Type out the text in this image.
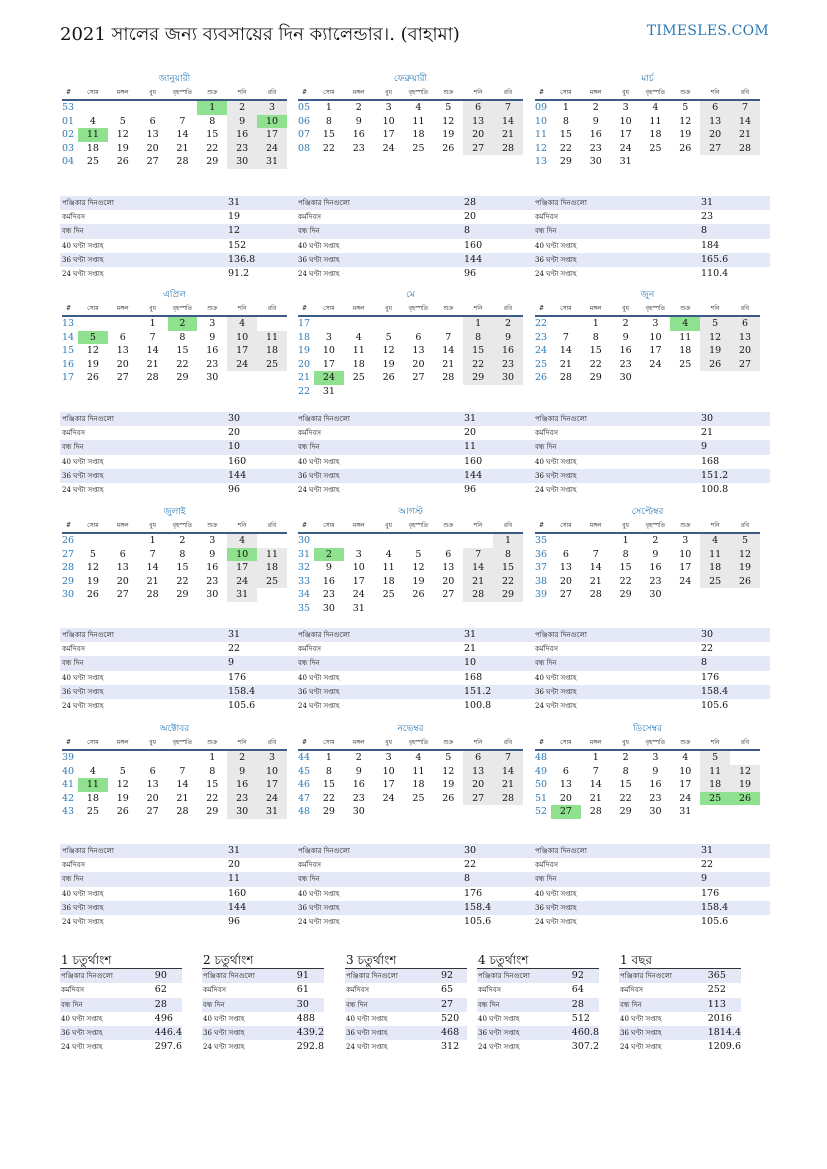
2021 সালের জন্য ব্যবসায়ের দিন ক্যালেন্ডার।. (বাহামা)	TIMESLES.COM
জানুয়ারী
#	সোম	মঙ্গল	বুধ	বৃহস্পতি	শুক্র	শনি	রবি
53					1	2	3
01	4	5	6	7	8	9	10
02	11	12	13	14	15	16	17
03	18	19	20	21	22	23	24
04	25	26	27	28	29	30	31
পঞ্জিকার দিনগুলো	31
কর্মদিবস	19
বন্ধ দিন	12
40 ঘণ্টা সপ্তাহ	152
36 ঘণ্টা সপ্তাহ	136.8
24 ঘণ্টা সপ্তাহ	91.2
ফেব্রুয়ারী
#	সোম	মঙ্গল	বুধ	বৃহস্পতি	শুক্র	শনি	রবি
05	1	2	3	4	5	6	7
06	8	9	10	11	12	13	14
07	15	16	17	18	19	20	21
08	22	23	24	25	26	27	28
পঞ্জিকার দিনগুলো	28
কর্মদিবস	20
বন্ধ দিন	8
40 ঘণ্টা সপ্তাহ	160
36 ঘণ্টা সপ্তাহ	144
24 ঘণ্টা সপ্তাহ	96
মার্চ
#	সোম	মঙ্গল	বুধ	বৃহস্পতি	শুক্র	শনি	রবি
09	1	2	3	4	5	6	7
10	8	9	10	11	12	13	14
11	15	16	17	18	19	20	21
12	22	23	24	25	26	27	28
13	29	30	31				
পঞ্জিকার দিনগুলো	31
কর্মদিবস	23
বন্ধ দিন	8
40 ঘণ্টা সপ্তাহ	184
36 ঘণ্টা সপ্তাহ	165.6
24 ঘণ্টা সপ্তাহ	110.4
এপ্রিল
#	সোম	মঙ্গল	বুধ	বৃহস্পতি	শুক্র	শনি	রবি
13			1	2	3	4	
14	5	6	7	8	9	10	11
15	12	13	14	15	16	17	18
16	19	20	21	22	23	24	25
17	26	27	28	29	30		
পঞ্জিকার দিনগুলো	30
কর্মদিবস	20
বন্ধ দিন	10
40 ঘণ্টা সপ্তাহ	160
36 ঘণ্টা সপ্তাহ	144
24 ঘণ্টা সপ্তাহ	96
মে
#	সোম	মঙ্গল	বুধ	বৃহস্পতি	শুক্র	শনি	রবি
17						1	2
18	3	4	5	6	7	8	9
19	10	11	12	13	14	15	16
20	17	18	19	20	21	22	23
21	24	25	26	27	28	29	30
22	31						
পঞ্জিকার দিনগুলো	31
কর্মদিবস	20
বন্ধ দিন	11
40 ঘণ্টা সপ্তাহ	160
36 ঘণ্টা সপ্তাহ	144
24 ঘণ্টা সপ্তাহ	96
জুন
#	সোম	মঙ্গল	বুধ	বৃহস্পতি	শুক্র	শনি	রবি
22		1	2	3	4	5	6
23	7	8	9	10	11	12	13
24	14	15	16	17	18	19	20
25	21	22	23	24	25	26	27
26	28	29	30				
পঞ্জিকার দিনগুলো	30
কর্মদিবস	21
বন্ধ দিন	9
40 ঘণ্টা সপ্তাহ	168
36 ঘণ্টা সপ্তাহ	151.2
24 ঘণ্টা সপ্তাহ	100.8
জুলাই
#	সোম	মঙ্গল	বুধ	বৃহস্পতি	শুক্র	শনি	রবি
26			1	2	3	4	
27	5	6	7	8	9	10	11
28	12	13	14	15	16	17	18
29	19	20	21	22	23	24	25
30	26	27	28	29	30	31	
পঞ্জিকার দিনগুলো	31
কর্মদিবস	22
বন্ধ দিন	9
40 ঘণ্টা সপ্তাহ	176
36 ঘণ্টা সপ্তাহ	158.4
24 ঘণ্টা সপ্তাহ	105.6
আগস্ট
#	সোম	মঙ্গল	বুধ	বৃহস্পতি	শুক্র	শনি	রবি
30							1
31	2	3	4	5	6	7	8
32	9	10	11	12	13	14	15
33	16	17	18	19	20	21	22
34	23	24	25	26	27	28	29
35	30	31					
পঞ্জিকার দিনগুলো	31
কর্মদিবস	21
বন্ধ দিন	10
40 ঘণ্টা সপ্তাহ	168
36 ঘণ্টা সপ্তাহ	151.2
24 ঘণ্টা সপ্তাহ	100.8
সেপ্টেম্বর
#	সোম	মঙ্গল	বুধ	বৃহস্পতি	শুক্র	শনি	রবি
35			1	2	3	4	5
36	6	7	8	9	10	11	12
37	13	14	15	16	17	18	19
38	20	21	22	23	24	25	26
39	27	28	29	30			
পঞ্জিকার দিনগুলো	30
কর্মদিবস	22
বন্ধ দিন	8
40 ঘণ্টা সপ্তাহ	176
36 ঘণ্টা সপ্তাহ	158.4
24 ঘণ্টা সপ্তাহ	105.6
অক্টোবর
#	সোম	মঙ্গল	বুধ	বৃহস্পতি	শুক্র	শনি	রবি
39					1	2	3
40	4	5	6	7	8	9	10
41	11	12	13	14	15	16	17
42	18	19	20	21	22	23	24
43	25	26	27	28	29	30	31
পঞ্জিকার দিনগুলো	31
কর্মদিবস	20
বন্ধ দিন	11
40 ঘণ্টা সপ্তাহ	160
36 ঘণ্টা সপ্তাহ	144
24 ঘণ্টা সপ্তাহ	96
নভেম্বর
#	সোম	মঙ্গল	বুধ	বৃহস্পতি	শুক্র	শনি	রবি
44	1	2	3	4	5	6	7
45	8	9	10	11	12	13	14
46	15	16	17	18	19	20	21
47	22	23	24	25	26	27	28
48	29	30					
পঞ্জিকার দিনগুলো	30
কর্মদিবস	22
বন্ধ দিন	8
40 ঘণ্টা সপ্তাহ	176
36 ঘণ্টা সপ্তাহ	158.4
24 ঘণ্টা সপ্তাহ	105.6
ডিসেম্বর
#	সোম	মঙ্গল	বুধ	বৃহস্পতি	শুক্র	শনি	রবি
48		1	2	3	4	5	
49	6	7	8	9	10	11	12
50	13	14	15	16	17	18	19
51	20	21	22	23	24	25	26
52	27	28	29	30	31		
পঞ্জিকার দিনগুলো	31
কর্মদিবস	22
বন্ধ দিন	9
40 ঘণ্টা সপ্তাহ	176
36 ঘণ্টা সপ্তাহ	158.4
24 ঘণ্টা সপ্তাহ	105.6
1 চতুর্থাংশ
পঞ্জিকার দিনগুলো	90
কর্মদিবস	62
বন্ধ দিন	28
40 ঘণ্টা সপ্তাহ	496
36 ঘণ্টা সপ্তাহ	446.4
24 ঘণ্টা সপ্তাহ	297.6
2 চতুর্থাংশ
পঞ্জিকার দিনগুলো	91
কর্মদিবস	61
বন্ধ দিন	30
40 ঘণ্টা সপ্তাহ	488
36 ঘণ্টা সপ্তাহ	439.2
24 ঘণ্টা সপ্তাহ	292.8
3 চতুর্থাংশ
পঞ্জিকার দিনগুলো	92
কর্মদিবস	65
বন্ধ দিন	27
40 ঘণ্টা সপ্তাহ	520
36 ঘণ্টা সপ্তাহ	468
24 ঘণ্টা সপ্তাহ	312
4 চতুর্থাংশ
পঞ্জিকার দিনগুলো	92
কর্মদিবস	64
বন্ধ দিন	28
40 ঘণ্টা সপ্তাহ	512
36 ঘণ্টা সপ্তাহ	460.8
24 ঘণ্টা সপ্তাহ	307.2
1 বছর
পঞ্জিকার দিনগুলো	365
কর্মদিবস	252
বন্ধ দিন	113
40 ঘণ্টা সপ্তাহ	2016
36 ঘণ্টা সপ্তাহ	1814.4
24 ঘণ্টা সপ্তাহ	1209.6
